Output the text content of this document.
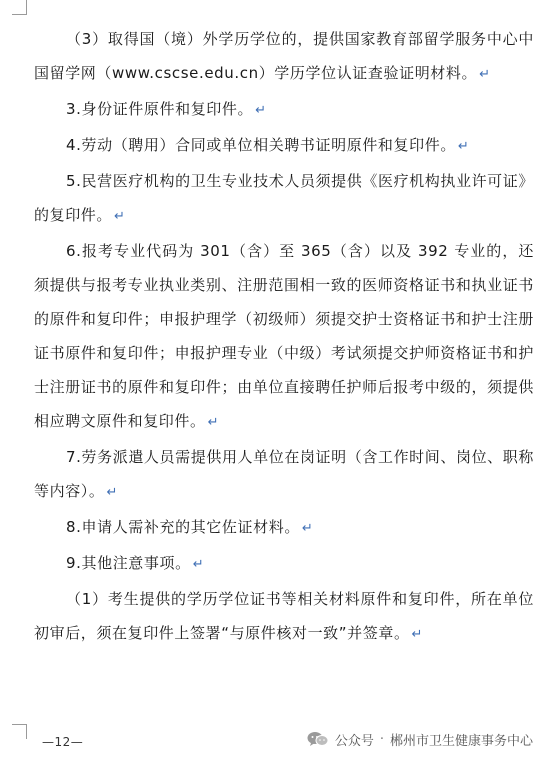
（3）取得国（境）外学历学位的，提供国家教育部留学服务中心中国留学网（www.cscse.edu.cn）学历学位认证查验证明材料。 ↵

3.身份证件原件和复印件。 ↵

4.劳动（聘用）合同或单位相关聘书证明原件和复印件。 ↵

5.民营医疗机构的卫生专业技术人员须提供《医疗机构执业许可证》的复印件。 ↵

6.报考专业代码为 301（含）至 365（含）以及 392 专业的，还须提供与报考专业执业类别、注册范围相一致的医师资格证书和执业证书的原件和复印件；申报护理学（初级师）须提交护士资格证书和护士注册证书原件和复印件；申报护理专业（中级）考试须提交护师资格证书和护士注册证书的原件和复印件；由单位直接聘任护师后报考中级的，须提供相应聘文原件和复印件。 ↵

7.劳务派遣人员需提供用人单位在岗证明（含工作时间、岗位、职称等内容）。 ↵

8.申请人需补充的其它佐证材料。 ↵

9.其他注意事项。 ↵

（1）考生提供的学历学位证书等相关材料原件和复印件，所在单位初审后，须在复印件上签署“与原件核对一致”并签章。 ↵

—12—	公众号 · 郴州市卫生健康事务中心
